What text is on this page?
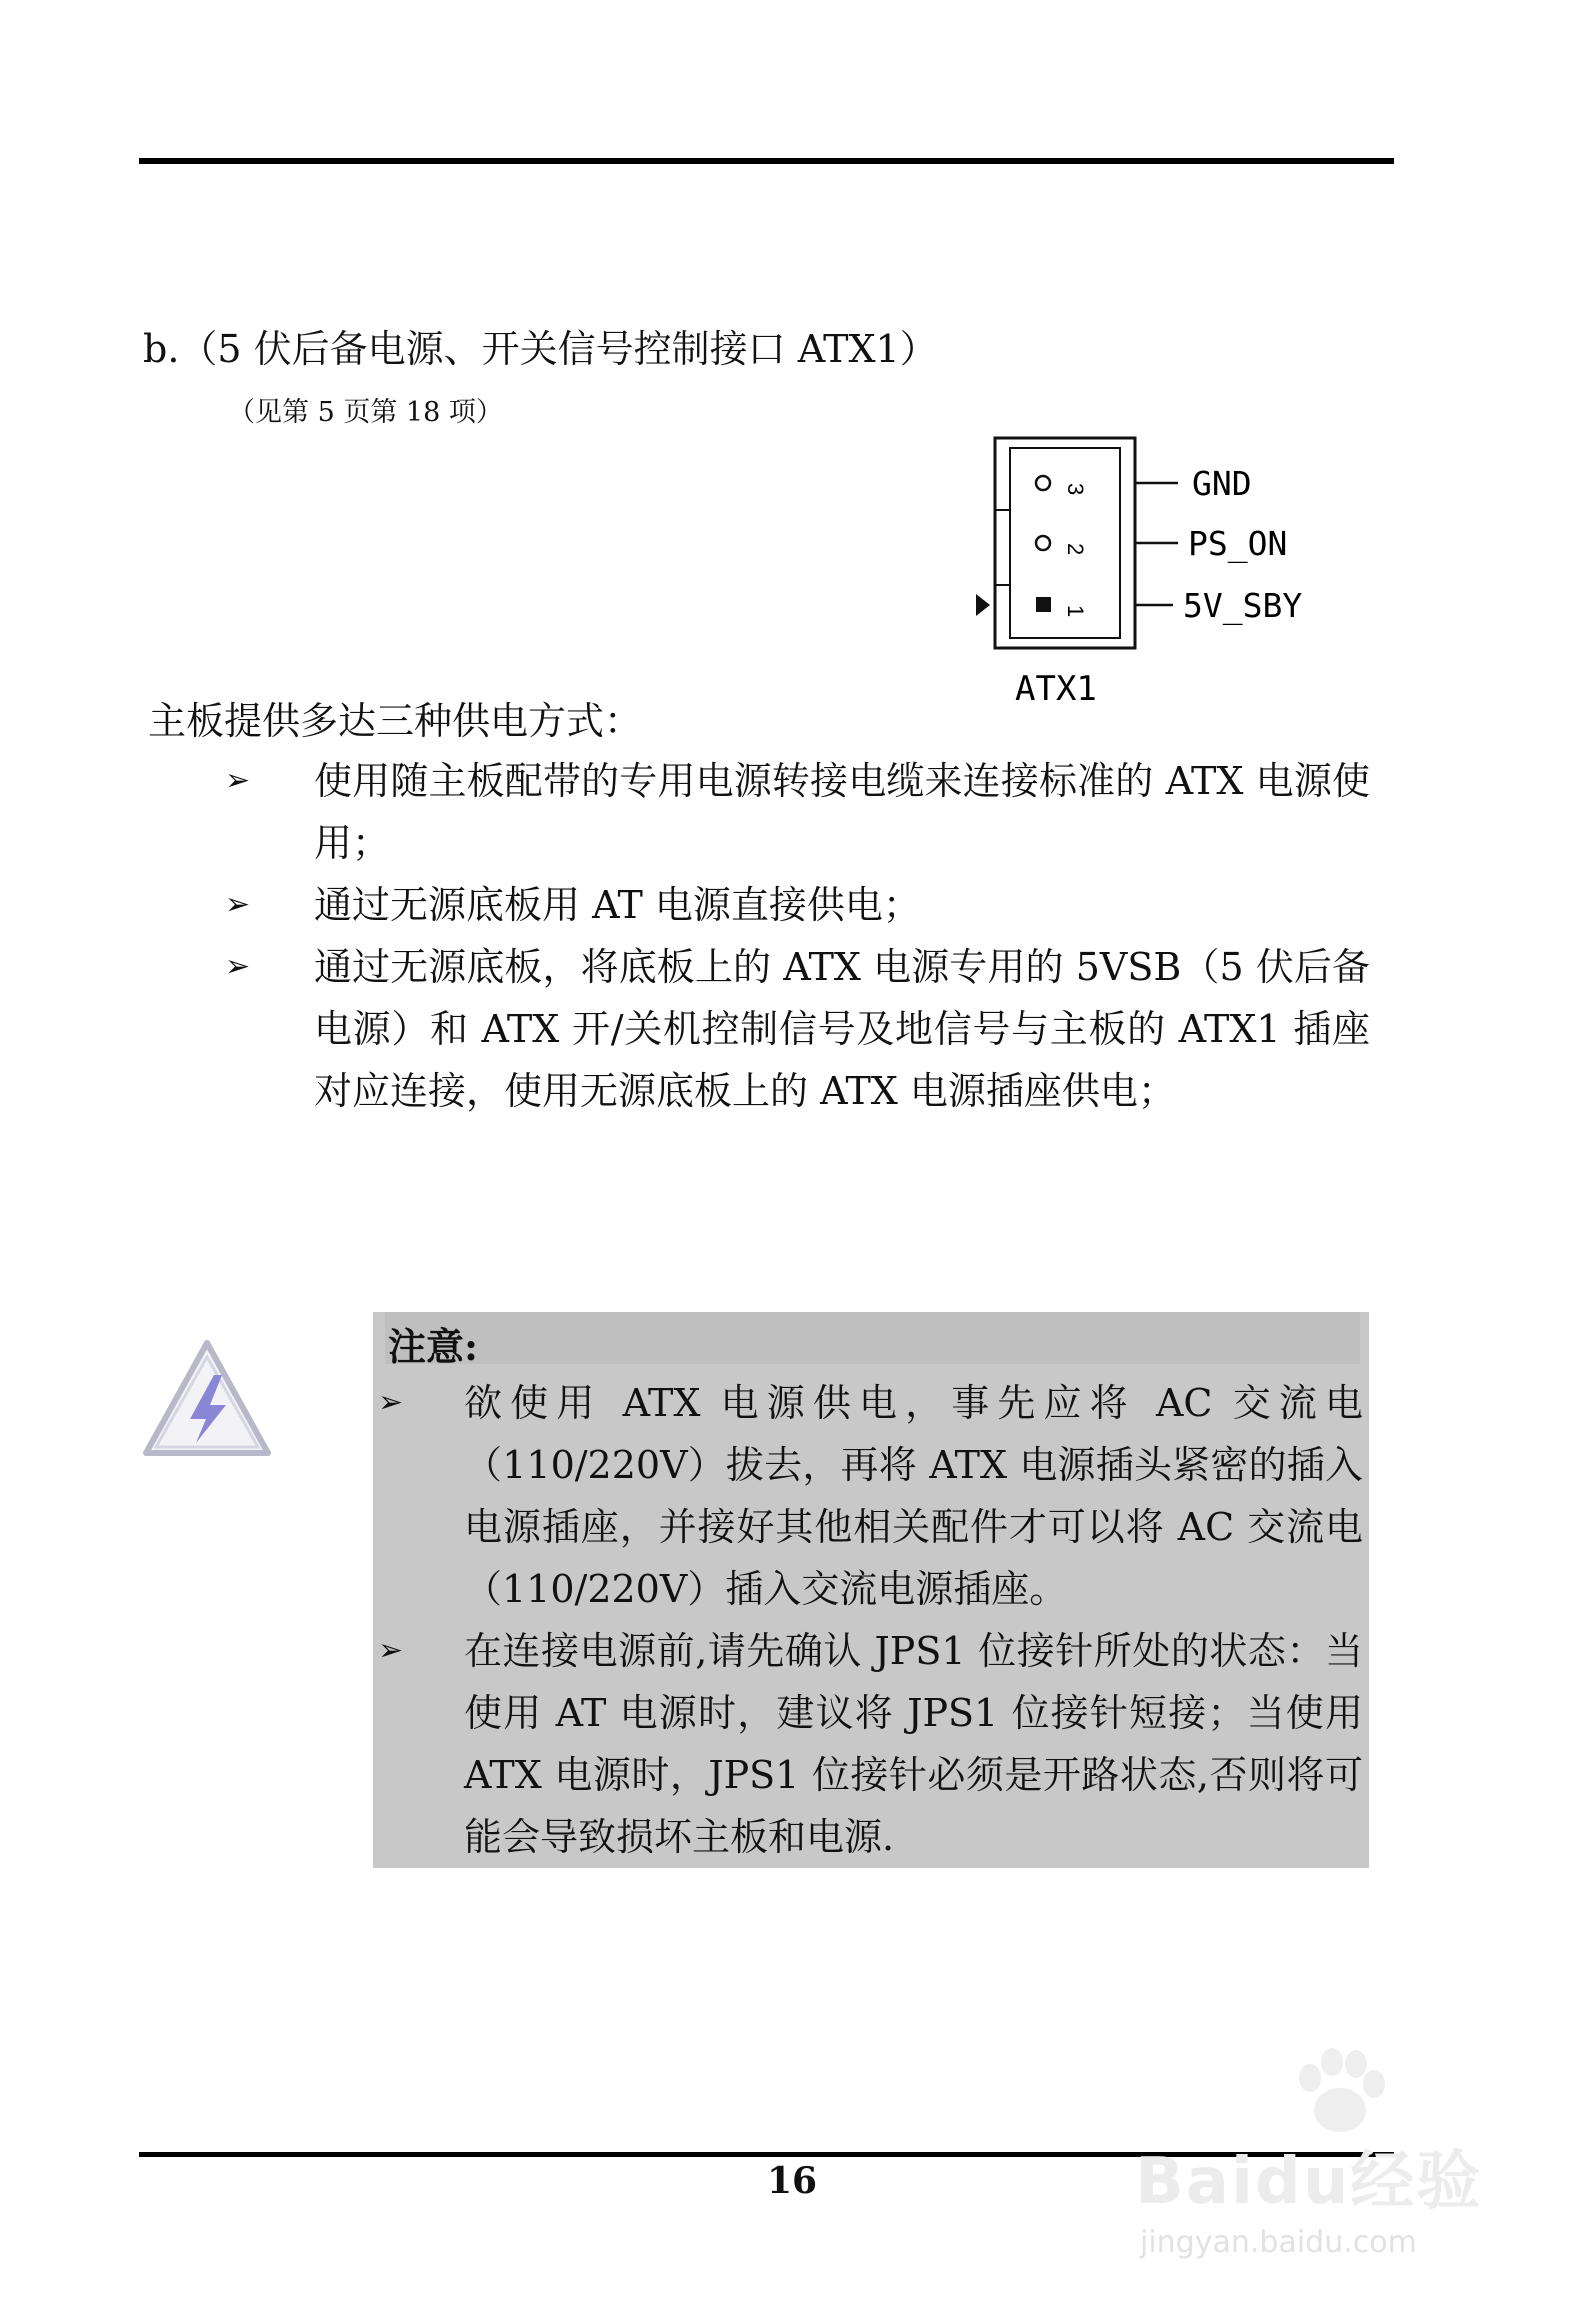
b.（5 伏后备电源、开关信号控制接口 ATX1）
（见第 5 页第 18 项）
3	GND
2	PS_ON
1	5V_SBY
ATX1
主板提供多达三种供电方式：
➢ 使用随主板配带的专用电源转接电缆来连接标准的 ATX 电源使用；
➢ 通过无源底板用 AT 电源直接供电；
➢ 通过无源底板，将底板上的 ATX 电源专用的 5VSB（5 伏后备电源）和 ATX 开/关机控制信号及地信号与主板的 ATX1 插座对应连接，使用无源底板上的 ATX 电源插座供电；
注意:
➢ 欲使用 ATX 电源供电，事先应将 AC 交流电（110/220V）拔去，再将 ATX 电源插头紧密的插入电源插座，并接好其他相关配件才可以将 AC 交流电（110/220V）插入交流电源插座。
➢ 在连接电源前,请先确认 JPS1 位接针所处的状态：当使用 AT 电源时，建议将 JPS1 位接针短接；当使用 ATX 电源时，JPS1 位接针必须是开路状态,否则将可能会导致损坏主板和电源.
16	Baidu经验
jingyan.baidu.com
